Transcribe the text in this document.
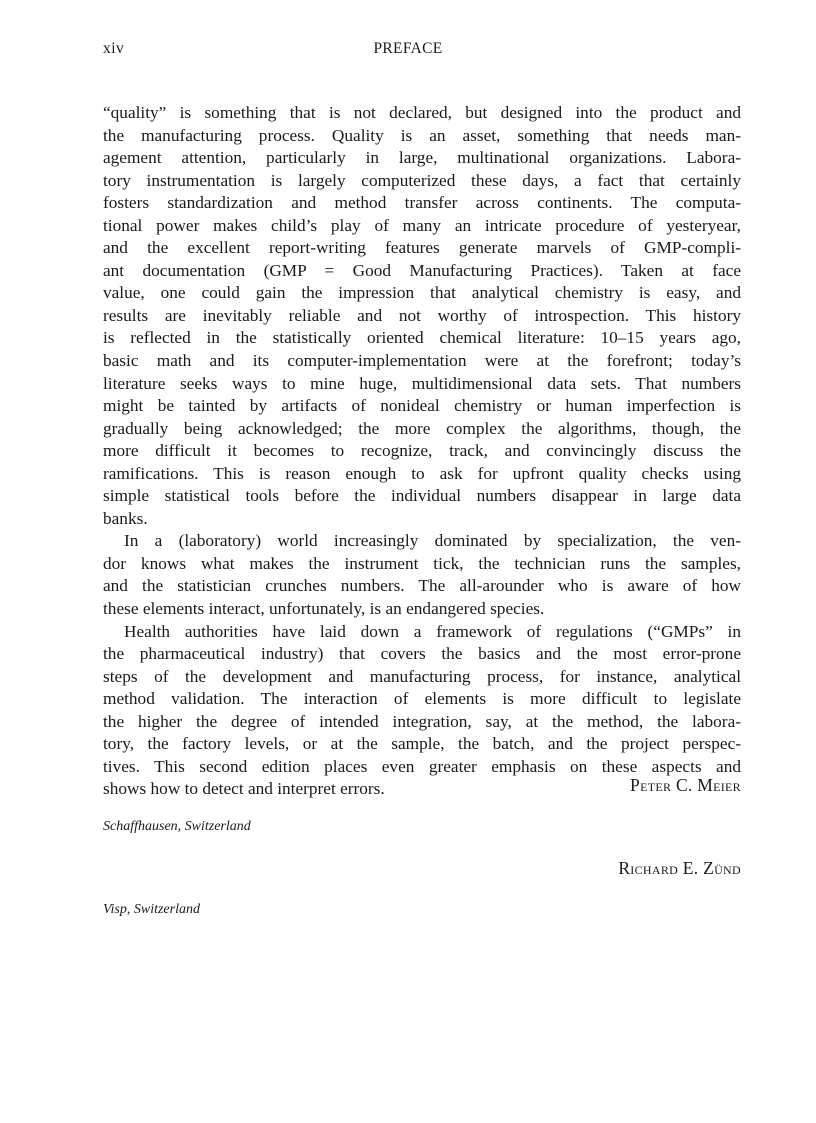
xiv	PREFACE
“quality” is something that is not declared, but designed into the product and
the manufacturing process. Quality is an asset, something that needs man-
agement attention, particularly in large, multinational organizations. Labora-
tory instrumentation is largely computerized these days, a fact that certainly
fosters standardization and method transfer across continents. The computa-
tional power makes child’s play of many an intricate procedure of yesteryear,
and the excellent report-writing features generate marvels of GMP-compli-
ant documentation (GMP = Good Manufacturing Practices). Taken at face
value, one could gain the impression that analytical chemistry is easy, and
results are inevitably reliable and not worthy of introspection. This history
is reflected in the statistically oriented chemical literature: 10–15 years ago,
basic math and its computer-implementation were at the forefront; today’s
literature seeks ways to mine huge, multidimensional data sets. That numbers
might be tainted by artifacts of nonideal chemistry or human imperfection is
gradually being acknowledged; the more complex the algorithms, though, the
more difficult it becomes to recognize, track, and convincingly discuss the
ramifications. This is reason enough to ask for upfront quality checks using
simple statistical tools before the individual numbers disappear in large data
banks.
In a (laboratory) world increasingly dominated by specialization, the ven-
dor knows what makes the instrument tick, the technician runs the samples,
and the statistician crunches numbers. The all-arounder who is aware of how
these elements interact, unfortunately, is an endangered species.
Health authorities have laid down a framework of regulations (“GMPs” in
the pharmaceutical industry) that covers the basics and the most error-prone
steps of the development and manufacturing process, for instance, analytical
method validation. The interaction of elements is more difficult to legislate
the higher the degree of intended integration, say, at the method, the labora-
tory, the factory levels, or at the sample, the batch, and the project perspec-
tives. This second edition places even greater emphasis on these aspects and
shows how to detect and interpret errors.	Peter C. Meier
Schaffhausen, Switzerland
Richard E. Zünd
Visp, Switzerland
